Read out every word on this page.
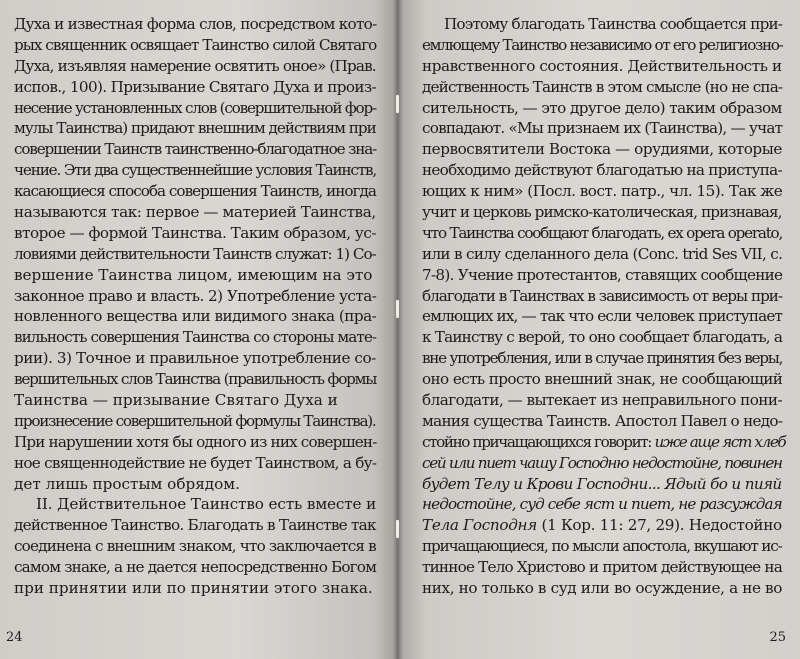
Духа и известная форма слов, посредством кото-
рых священник освящает Таинство силой Святаго
Духа, изъявляя намерение освятить оное» (Прав.
испов., 100). Призывание Святаго Духа и произ-
несение установленных слов (совершительной фор-
мулы Таинства) придают внешним действиям при
совершении Таинств таинственно-благодатное зна-
чение. Эти два существеннейшие условия Таинств,
касающиеся способа совершения Таинств, иногда
называются так: первое — материей Таинства,
второе — формой Таинства. Таким образом, ус-
ловиями действительности Таинств служат: 1) Со-
вершение Таинства лицом, имеющим на это
законное право и власть. 2) Употребление уста-
новленного вещества или видимого знака (пра-
вильность совершения Таинства со стороны мате-
рии). 3) Точное и правильное употребление со-
вершительных слов Таинства (правильность формы
Таинства — призывание Святаго Духа и
произнесение совершительной формулы Таинства).
При нарушении хотя бы одного из них совершен-
ное священнодействие не будет Таинством, а бу-
дет лишь простым обрядом.
II. Действительное Таинство есть вместе и
действенное Таинство. Благодать в Таинстве так
соединена с внешним знаком, что заключается в
самом знаке, а не дается непосредственно Богом
при принятии или по принятии этого знака.
24
Поэтому благодать Таинства сообщается при-
емлющему Таинство независимо от его религиозно-
нравственного состояния. Действительность и
действенность Таинств в этом смысле (но не спа-
сительность, — это другое дело) таким образом
совпадают. «Мы признаем их (Таинства), — учат
первосвятители Востока — орудиями, которые
необходимо действуют благодатью на приступа-
ющих к ним» (Посл. вост. патр., чл. 15). Так же
учит и церковь римско-католическая, признавая,
что Таинства сообщают благодать, ex opera operato,
или в силу сделанного дела (Conc. trid Ses VII, с.
7-8). Учение протестантов, ставящих сообщение
благодати в Таинствах в зависимость от веры при-
емлющих их, — так что если человек приступает
к Таинству с верой, то оно сообщает благодать, а
вне употребления, или в случае принятия без веры,
оно есть просто внешний знак, не сообщающий
благодати, — вытекает из неправильного пони-
мания существа Таинств. Апостол Павел о недо-
стойно причащающихся говорит: иже аще яст хлеб
сей или пиет чашу Господню недостойне, повинен
будет Телу и Крови Господни... Ядый бо и пияй
недостойне, суд себе яст и пиет, не разсуждая
Тела Господня (1 Кор. 11: 27, 29). Недостойно
причащающиеся, по мысли апостола, вкушают ис-
тинное Тело Христово и притом действующее на
них, но только в суд или во осуждение, а не во
25
